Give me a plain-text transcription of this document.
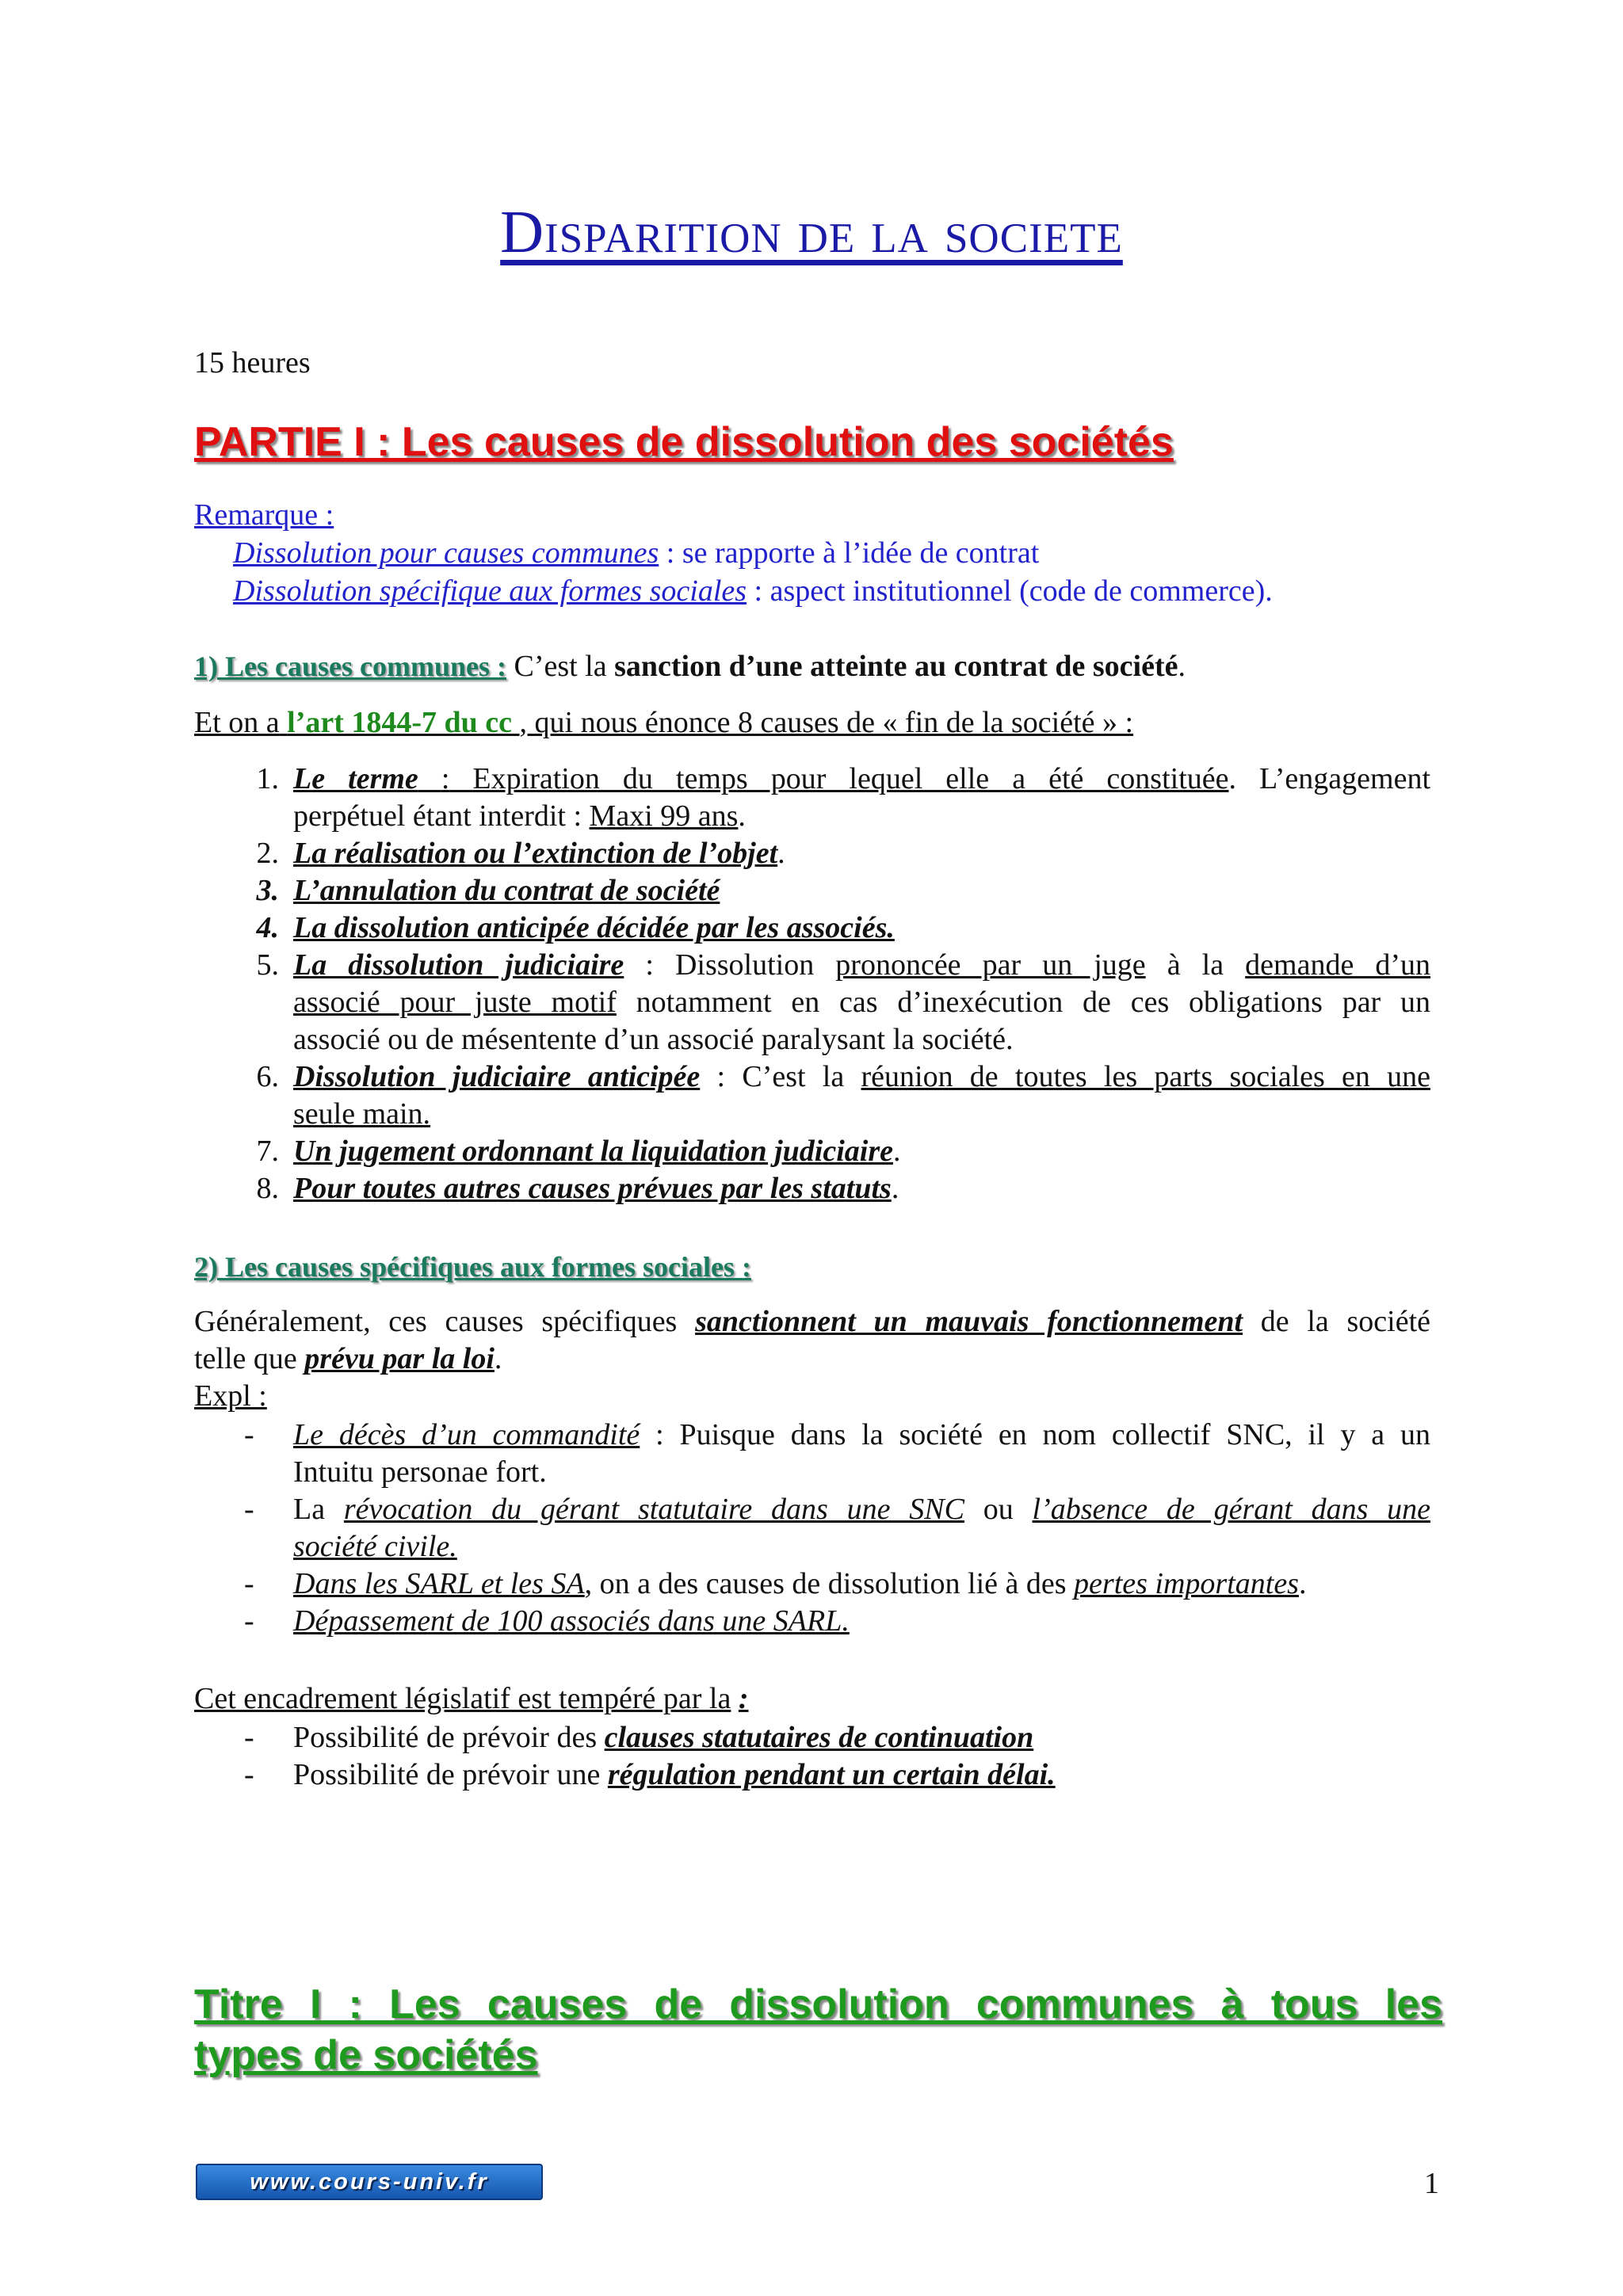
Disparition de la societe
15 heures
PARTIE I : Les causes de dissolution des sociétés
Remarque :
Dissolution pour causes communes : se rapporte à l’idée de contrat
Dissolution spécifique aux formes sociales : aspect institutionnel (code de commerce).
1) Les causes communes : C’est la sanction d’une atteinte au contrat de société.
Et on a l’art 1844-7 du cc , qui nous énonce 8 causes de « fin de la société » :
1. Le terme : Expiration du temps pour lequel elle a été constituée. L’engagement
perpétuel étant interdit : Maxi 99 ans.
2. La réalisation ou l’extinction de l’objet.
3. L’annulation du contrat de société
4. La dissolution anticipée décidée par les associés.
5. La dissolution judiciaire : Dissolution prononcée par un juge à la demande d’un
associé pour juste motif notamment en cas d’inexécution de ces obligations par un
associé ou de mésentente d’un associé paralysant la société.
6. Dissolution judiciaire anticipée : C’est la réunion de toutes les parts sociales en une
seule main.
7. Un jugement ordonnant la liquidation judiciaire.
8. Pour toutes autres causes prévues par les statuts.
2) Les causes spécifiques aux formes sociales :
Généralement, ces causes spécifiques sanctionnent un mauvais fonctionnement de la société
telle que prévu par la loi.
Expl :
- Le décès d’un commandité : Puisque dans la société en nom collectif SNC, il y a un
Intuitu personae fort.
- La révocation du gérant statutaire dans une SNC ou l’absence de gérant dans une
société civile.
- Dans les SARL et les SA, on a des causes de dissolution lié à des pertes importantes.
- Dépassement de 100 associés dans une SARL.
Cet encadrement législatif est tempéré par la :
- Possibilité de prévoir des clauses statutaires de continuation
- Possibilité de prévoir une régulation pendant un certain délai.
Titre I : Les causes de dissolution communes à tous les
types de sociétés
www.cours-univ.fr	1
